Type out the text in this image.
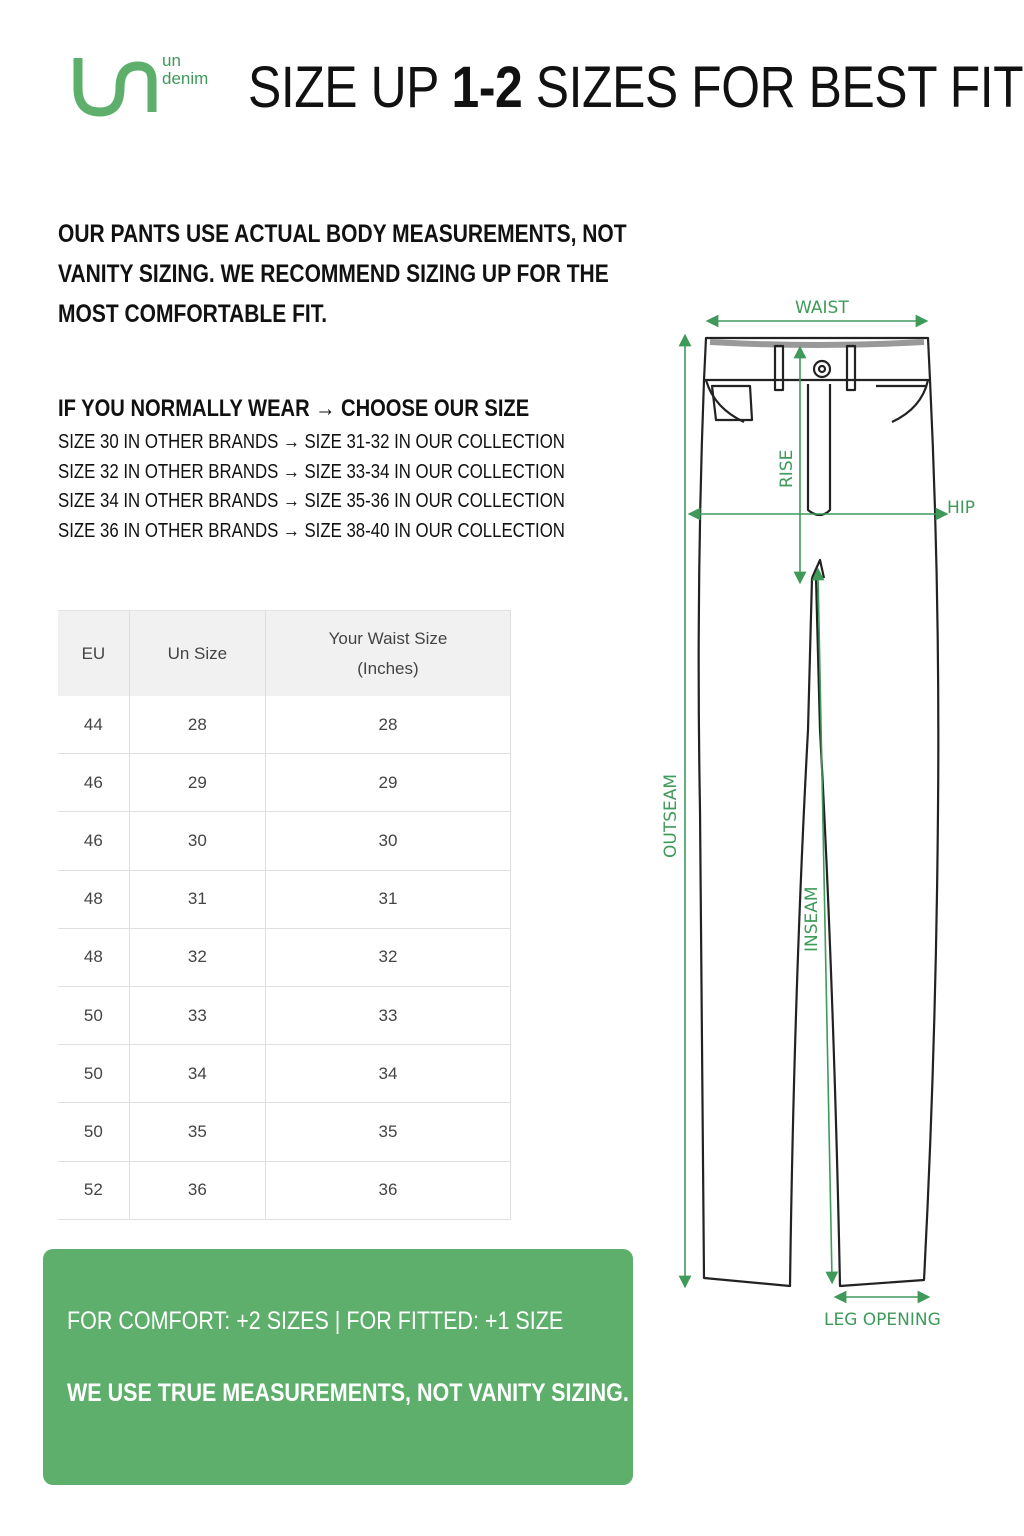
un
denim SIZE UP 1-2 SIZES FOR BEST FIT
OUR PANTS USE ACTUAL BODY MEASUREMENTS, NOT VANITY SIZING. WE RECOMMEND SIZING UP FOR THE MOST COMFORTABLE FIT.
IF YOU NORMALLY WEAR → CHOOSE OUR SIZE
SIZE 30 IN OTHER BRANDS → SIZE 31-32 IN OUR COLLECTION
SIZE 32 IN OTHER BRANDS → SIZE 33-34 IN OUR COLLECTION
SIZE 34 IN OTHER BRANDS → SIZE 35-36 IN OUR COLLECTION
SIZE 36 IN OTHER BRANDS → SIZE 38-40 IN OUR COLLECTION
EU	Un Size	Your Waist Size
(Inches)

44	28	28
46	29	29
46	30	30
48	31	31
48	32	32
50	33	33
50	34	34
50	35	35
52	36	36
FOR COMFORT: +2 SIZES | FOR FITTED: +1 SIZE
WE USE TRUE MEASUREMENTS, NOT VANITY SIZING.
WAIST
RISE
HIP
OUTSEAM
INSEAM
LEG OPENING
